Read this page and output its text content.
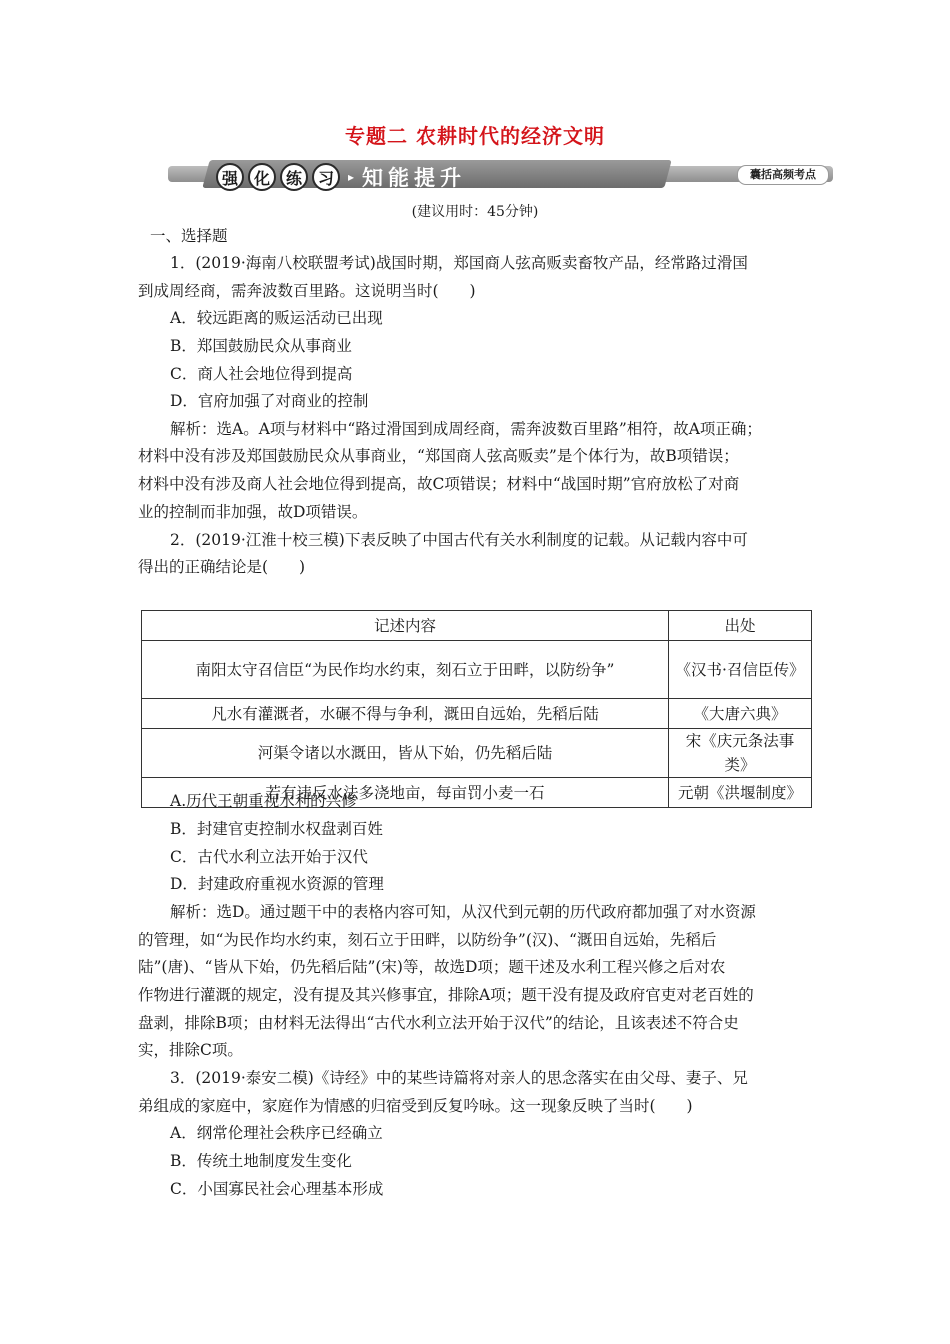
专题二 农耕时代的经济文明
强 化 练 习	▸ 知能提升	囊括高频考点
(建议用时：45分钟)
一、选择题
1．(2019·海南八校联盟考试)战国时期，郑国商人弦高贩卖畜牧产品，经常路过滑国
到成周经商，需奔波数百里路。这说明当时(　　)
A．较远距离的贩运活动已出现
B．郑国鼓励民众从事商业
C．商人社会地位得到提高
D．官府加强了对商业的控制
解析：选A。A项与材料中“路过滑国到成周经商，需奔波数百里路”相符，故A项正确；
材料中没有涉及郑国鼓励民众从事商业，“郑国商人弦高贩卖”是个体行为，故B项错误；
材料中没有涉及商人社会地位得到提高，故C项错误；材料中“战国时期”官府放松了对商
业的控制而非加强，故D项错误。
2．(2019·江淮十校三模)下表反映了中国古代有关水利制度的记载。从记载内容中可
得出的正确结论是(　　)
记述内容	出处
南阳太守召信臣“为民作均水约束，刻石立于田畔，以防纷争”	《汉书·召信臣传》
凡水有灌溉者，水碾不得与争利，溉田自远始，先稻后陆	《大唐六典》
河渠令诸以水溉田，皆从下始，仍先稻后陆	宋《庆元条法事类》
若有违反水法多浇地亩，每亩罚小麦一石	元朝《洪堰制度》
A.历代王朝重视水利的兴修
B．封建官吏控制水权盘剥百姓
C．古代水利立法开始于汉代
D．封建政府重视水资源的管理
解析：选D。通过题干中的表格内容可知，从汉代到元朝的历代政府都加强了对水资源
的管理，如“为民作均水约束，刻石立于田畔，以防纷争”(汉)、“溉田自远始，先稻后
陆”(唐)、“皆从下始，仍先稻后陆”(宋)等，故选D项；题干述及水利工程兴修之后对农
作物进行灌溉的规定，没有提及其兴修事宜，排除A项；题干没有提及政府官吏对老百姓的
盘剥，排除B项；由材料无法得出“古代水利立法开始于汉代”的结论，且该表述不符合史
实，排除C项。
3．(2019·泰安二模)《诗经》中的某些诗篇将对亲人的思念落实在由父母、妻子、兄
弟组成的家庭中，家庭作为情感的归宿受到反复吟咏。这一现象反映了当时(　　)
A．纲常伦理社会秩序已经确立
B．传统土地制度发生变化
C．小国寡民社会心理基本形成
